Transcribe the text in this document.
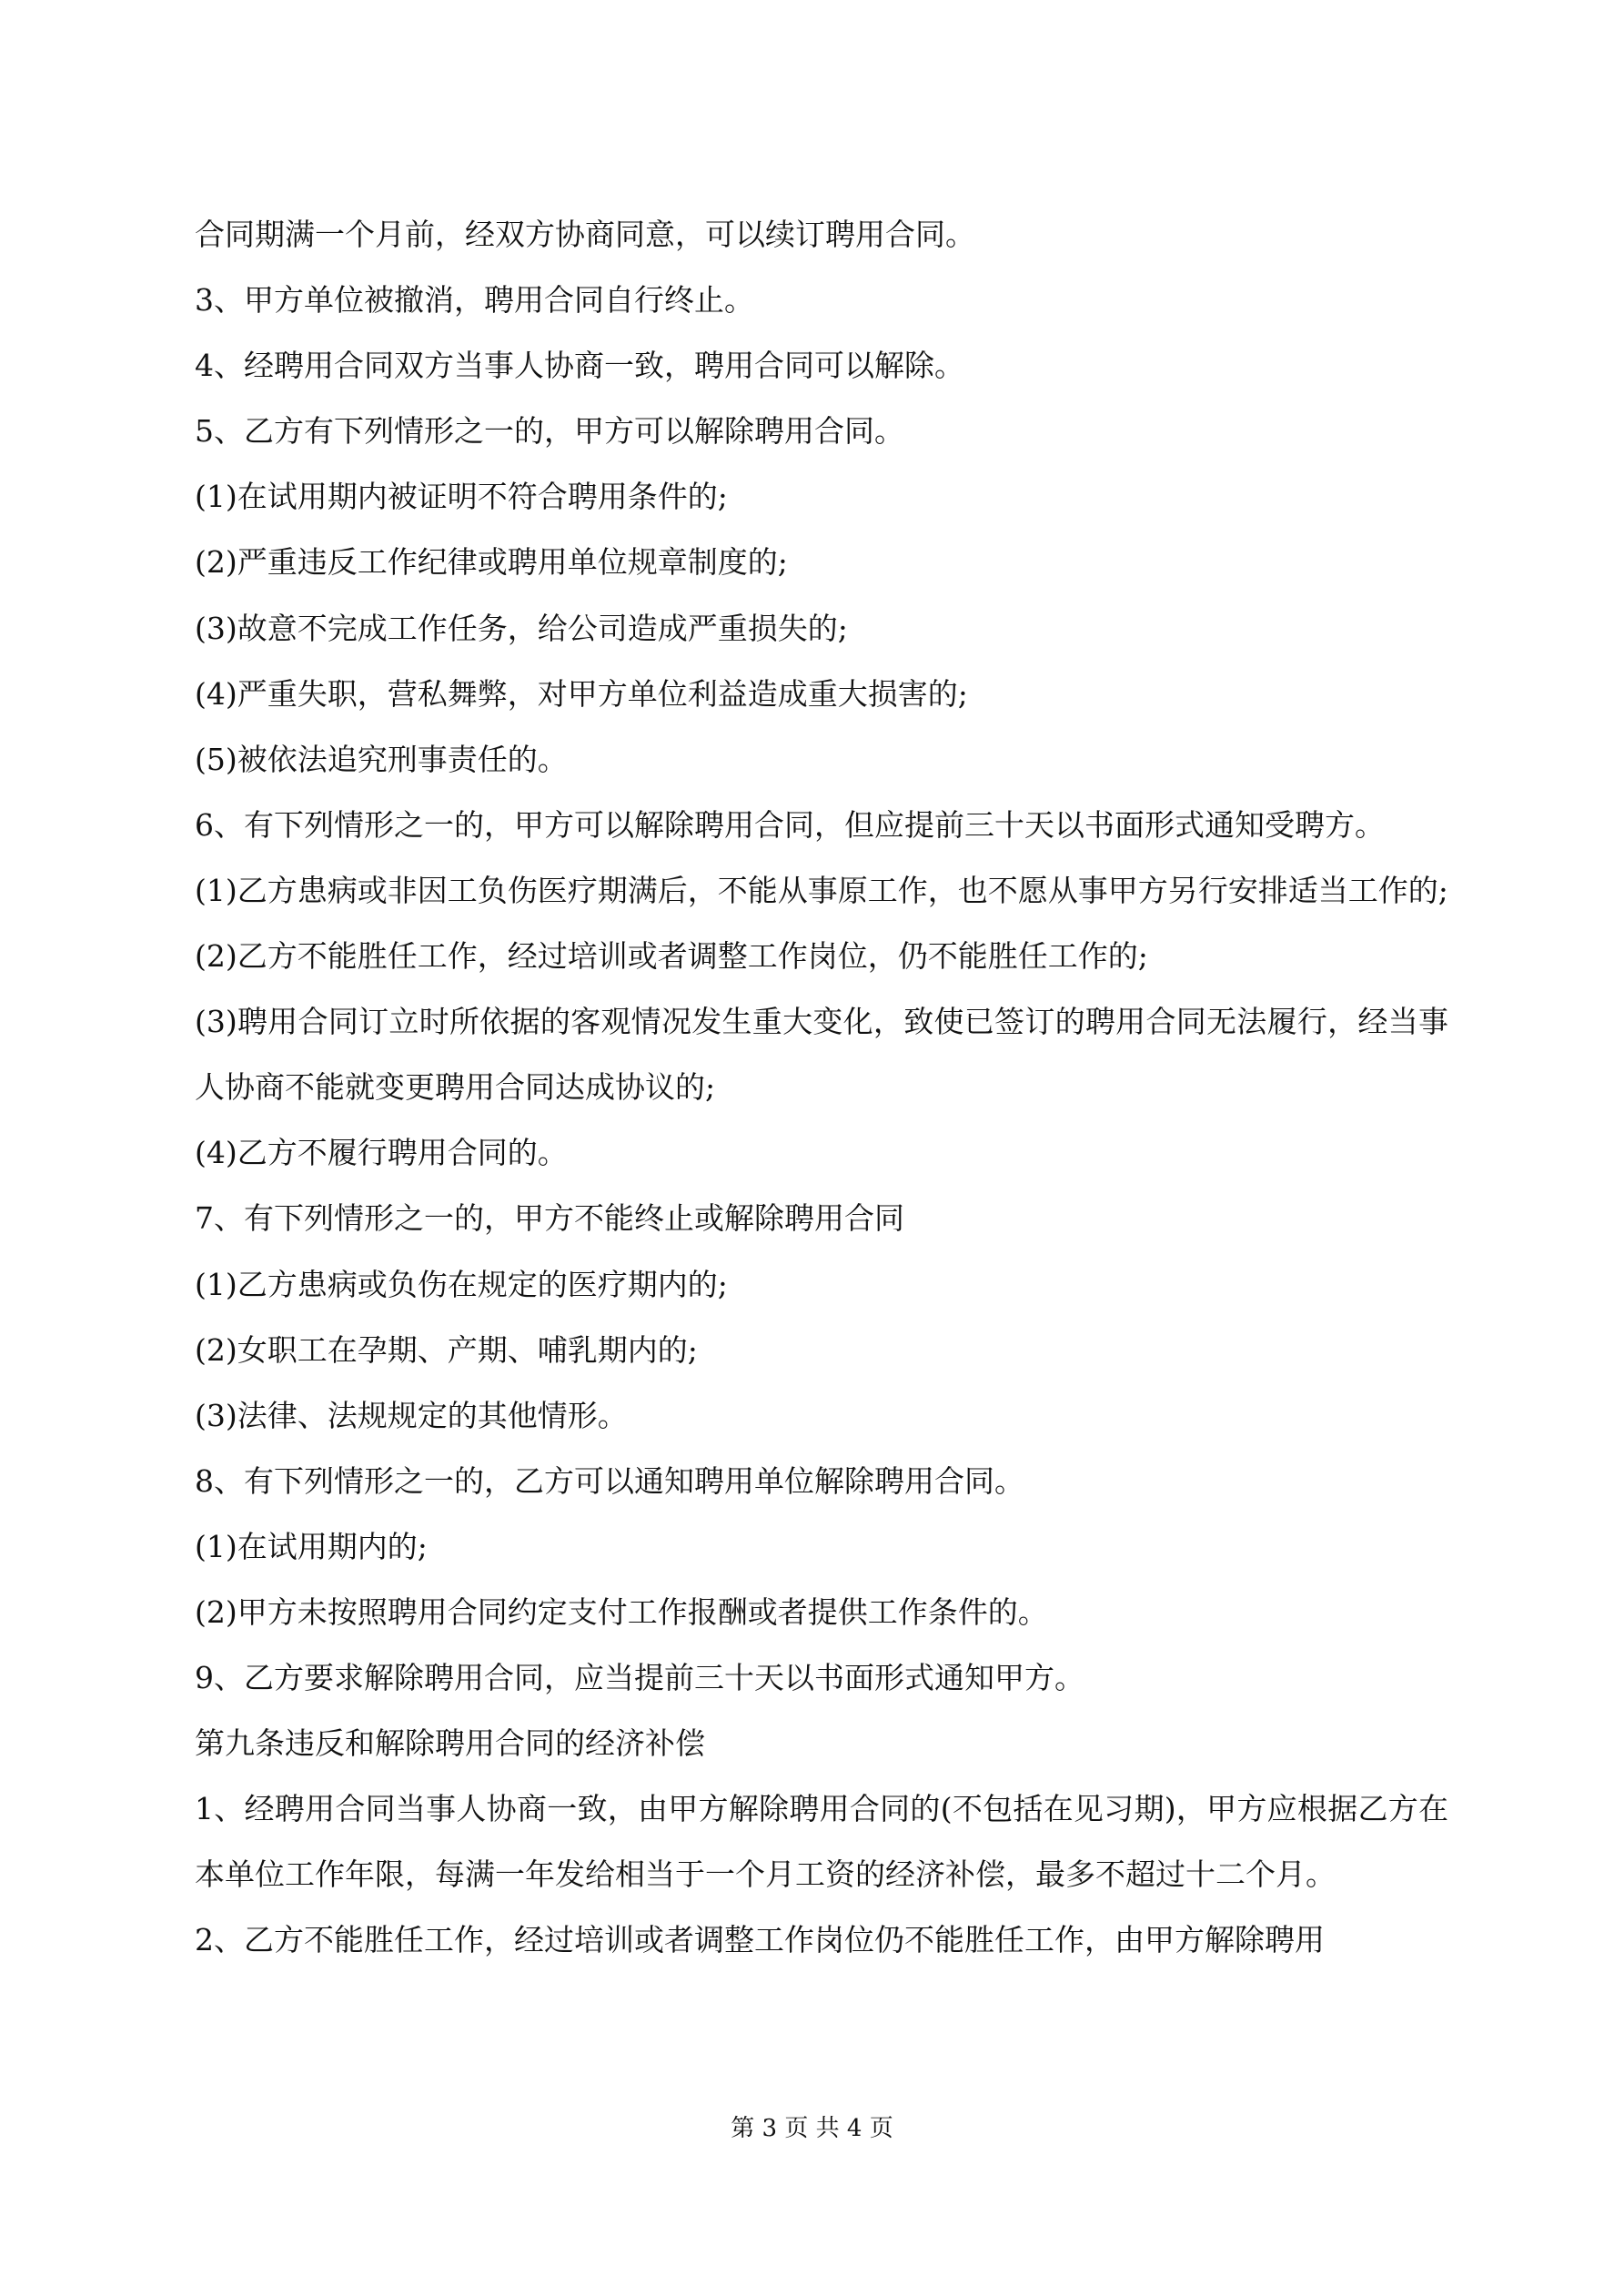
合同期满一个月前，经双方协商同意，可以续订聘用合同。

3、甲方单位被撤消，聘用合同自行终止。

4、经聘用合同双方当事人协商一致，聘用合同可以解除。

5、乙方有下列情形之一的，甲方可以解除聘用合同。

(1)在试用期内被证明不符合聘用条件的;

(2)严重违反工作纪律或聘用单位规章制度的;

(3)故意不完成工作任务，给公司造成严重损失的;

(4)严重失职，营私舞弊，对甲方单位利益造成重大损害的;

(5)被依法追究刑事责任的。

6、有下列情形之一的，甲方可以解除聘用合同，但应提前三十天以书面形式通知受聘方。

(1)乙方患病或非因工负伤医疗期满后，不能从事原工作，也不愿从事甲方另行安排适当工作的;

(2)乙方不能胜任工作，经过培训或者调整工作岗位，仍不能胜任工作的;

(3)聘用合同订立时所依据的客观情况发生重大变化，致使已签订的聘用合同无法履行，经当事人协商不能就变更聘用合同达成协议的;

(4)乙方不履行聘用合同的。

7、有下列情形之一的，甲方不能终止或解除聘用合同

(1)乙方患病或负伤在规定的医疗期内的;

(2)女职工在孕期、产期、哺乳期内的;

(3)法律、法规规定的其他情形。

8、有下列情形之一的，乙方可以通知聘用单位解除聘用合同。

(1)在试用期内的;

(2)甲方未按照聘用合同约定支付工作报酬或者提供工作条件的。

9、乙方要求解除聘用合同，应当提前三十天以书面形式通知甲方。

第九条违反和解除聘用合同的经济补偿

1、经聘用合同当事人协商一致，由甲方解除聘用合同的(不包括在见习期)，甲方应根据乙方在本单位工作年限，每满一年发给相当于一个月工资的经济补偿，最多不超过十二个月。

2、乙方不能胜任工作，经过培训或者调整工作岗位仍不能胜任工作，由甲方解除聘用

第 3 页 共 4 页
